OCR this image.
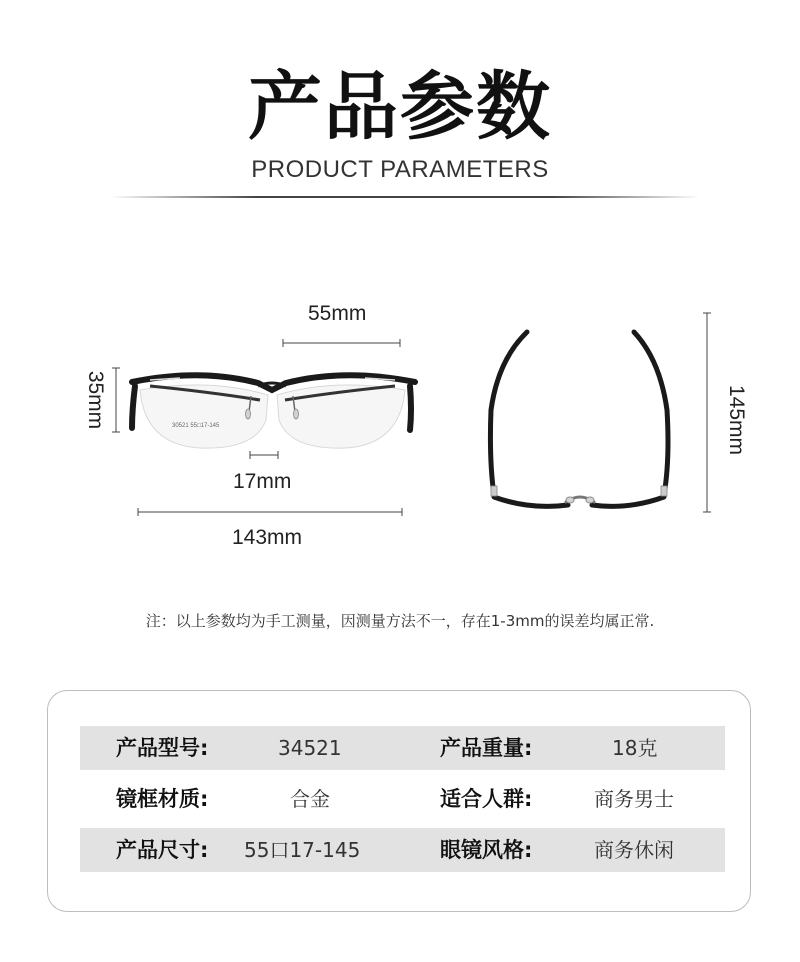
产品参数
PRODUCT PARAMETERS
55mm
35mm
17mm
143mm
145mm
30521 55□17-145
注：以上参数均为手工测量，因测量方法不一，存在1-3mm的误差均属正常.
产品型号:	34521	产品重量:	18克
镜框材质:	合金	适合人群:	商务男士
产品尺寸: 55口17-145	眼镜风格:	商务休闲
